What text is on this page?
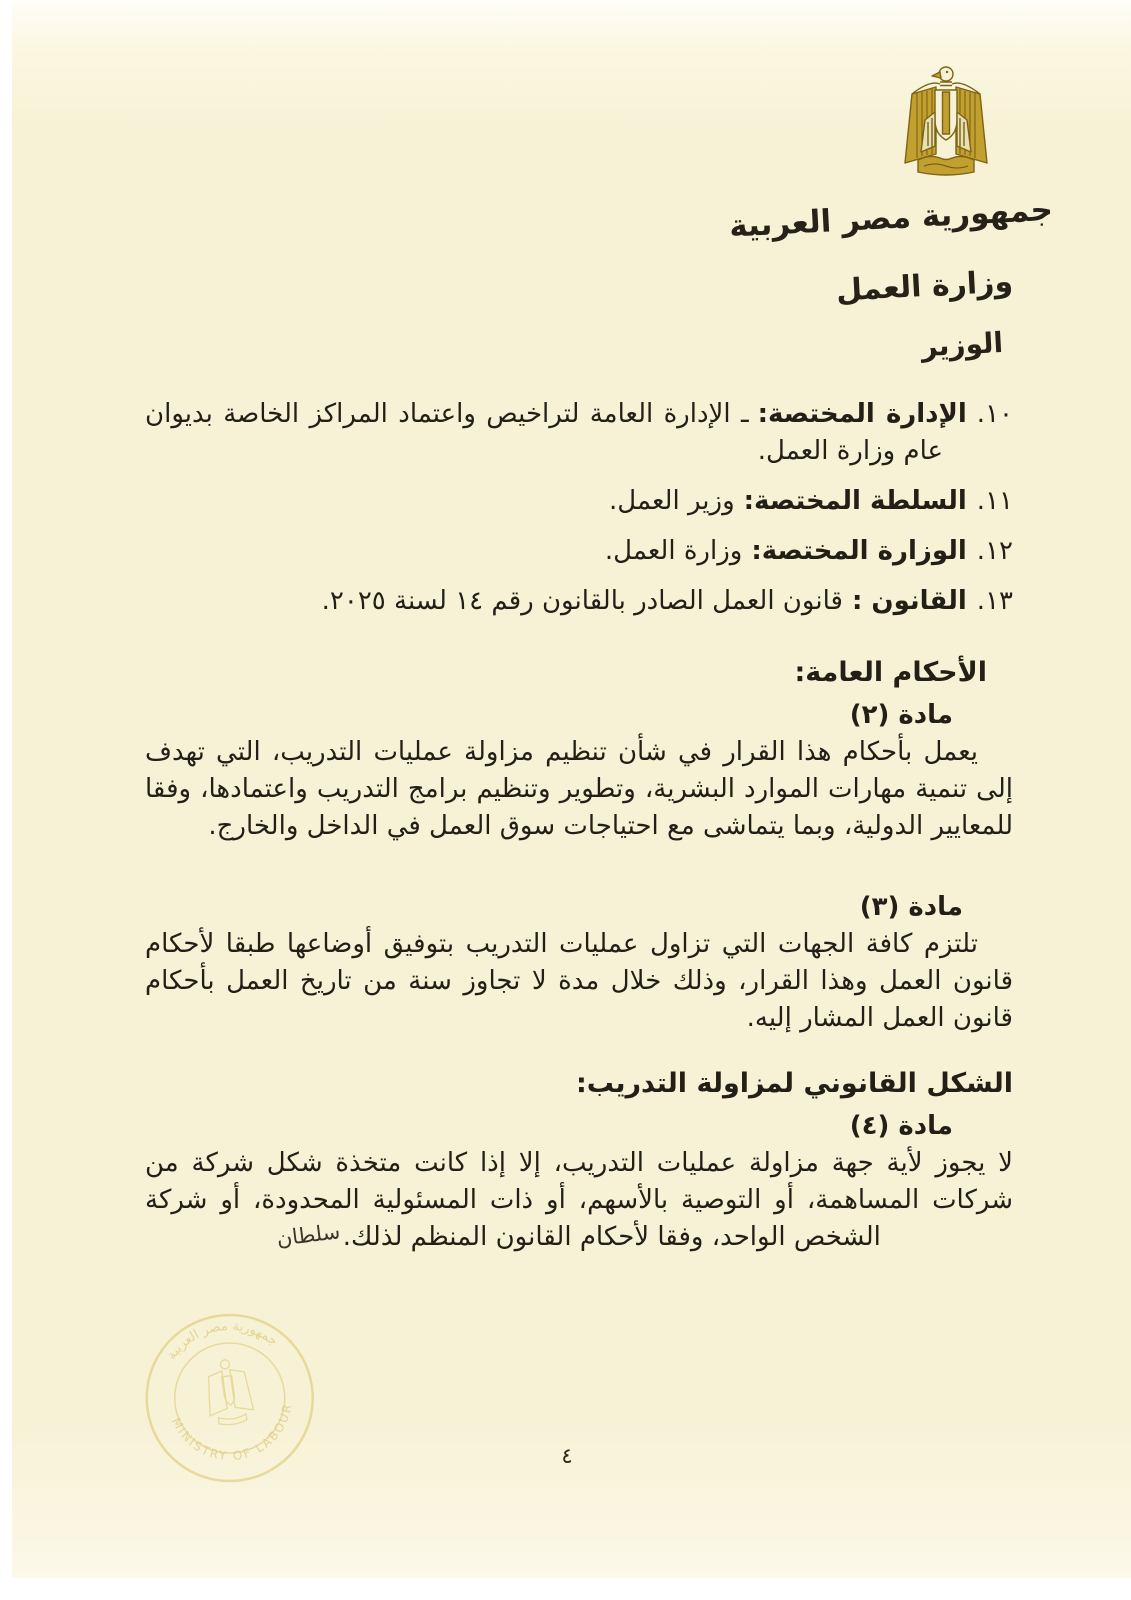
جمهورية مصر العربية
وزارة العمل
الوزير
١٠.الإدارة المختصة:ـ الإدارة العامة لتراخيص واعتماد المراكز الخاصة بديوان عام وزارة العمل.
١١.السلطة المختصة:وزير العمل.
١٢.الوزارة المختصة:وزارة العمل.
١٣.القانون :قانون العمل الصادر بالقانون رقم ١٤ لسنة ٢٠٢٥.
الأحكام العامة:
مادة (٢)

يعمل بأحكام هذا القرار في شأن تنظيم مزاولة عمليات التدريب، التي تهدف إلى تنمية مهارات الموارد البشرية، وتطوير وتنظيم برامج التدريب واعتمادها، وفقا للمعايير الدولية، وبما يتماشى مع احتياجات سوق العمل في الداخل والخارج.

مادة (٣)

تلتزم كافة الجهات التي تزاول عمليات التدريب بتوفيق أوضاعها طبقا لأحكام قانون العمل وهذا القرار، وذلك خلال مدة لا تجاوز سنة من تاريخ العمل بأحكام قانون العمل المشار إليه.

الشكل القانوني لمزاولة التدريب:
مادة (٤)

لا يجوز لأية جهة مزاولة عمليات التدريب، إلا إذا كانت متخذة شكل شركة من شركات المساهمة، أو التوصية بالأسهم، أو ذات المسئولية المحدودة، أو شركة الشخص الواحد، وفقا لأحكام القانون المنظم لذلك.سلطان

جمهورية مصر العربية
MINISTRY OF LABOUR
٤
